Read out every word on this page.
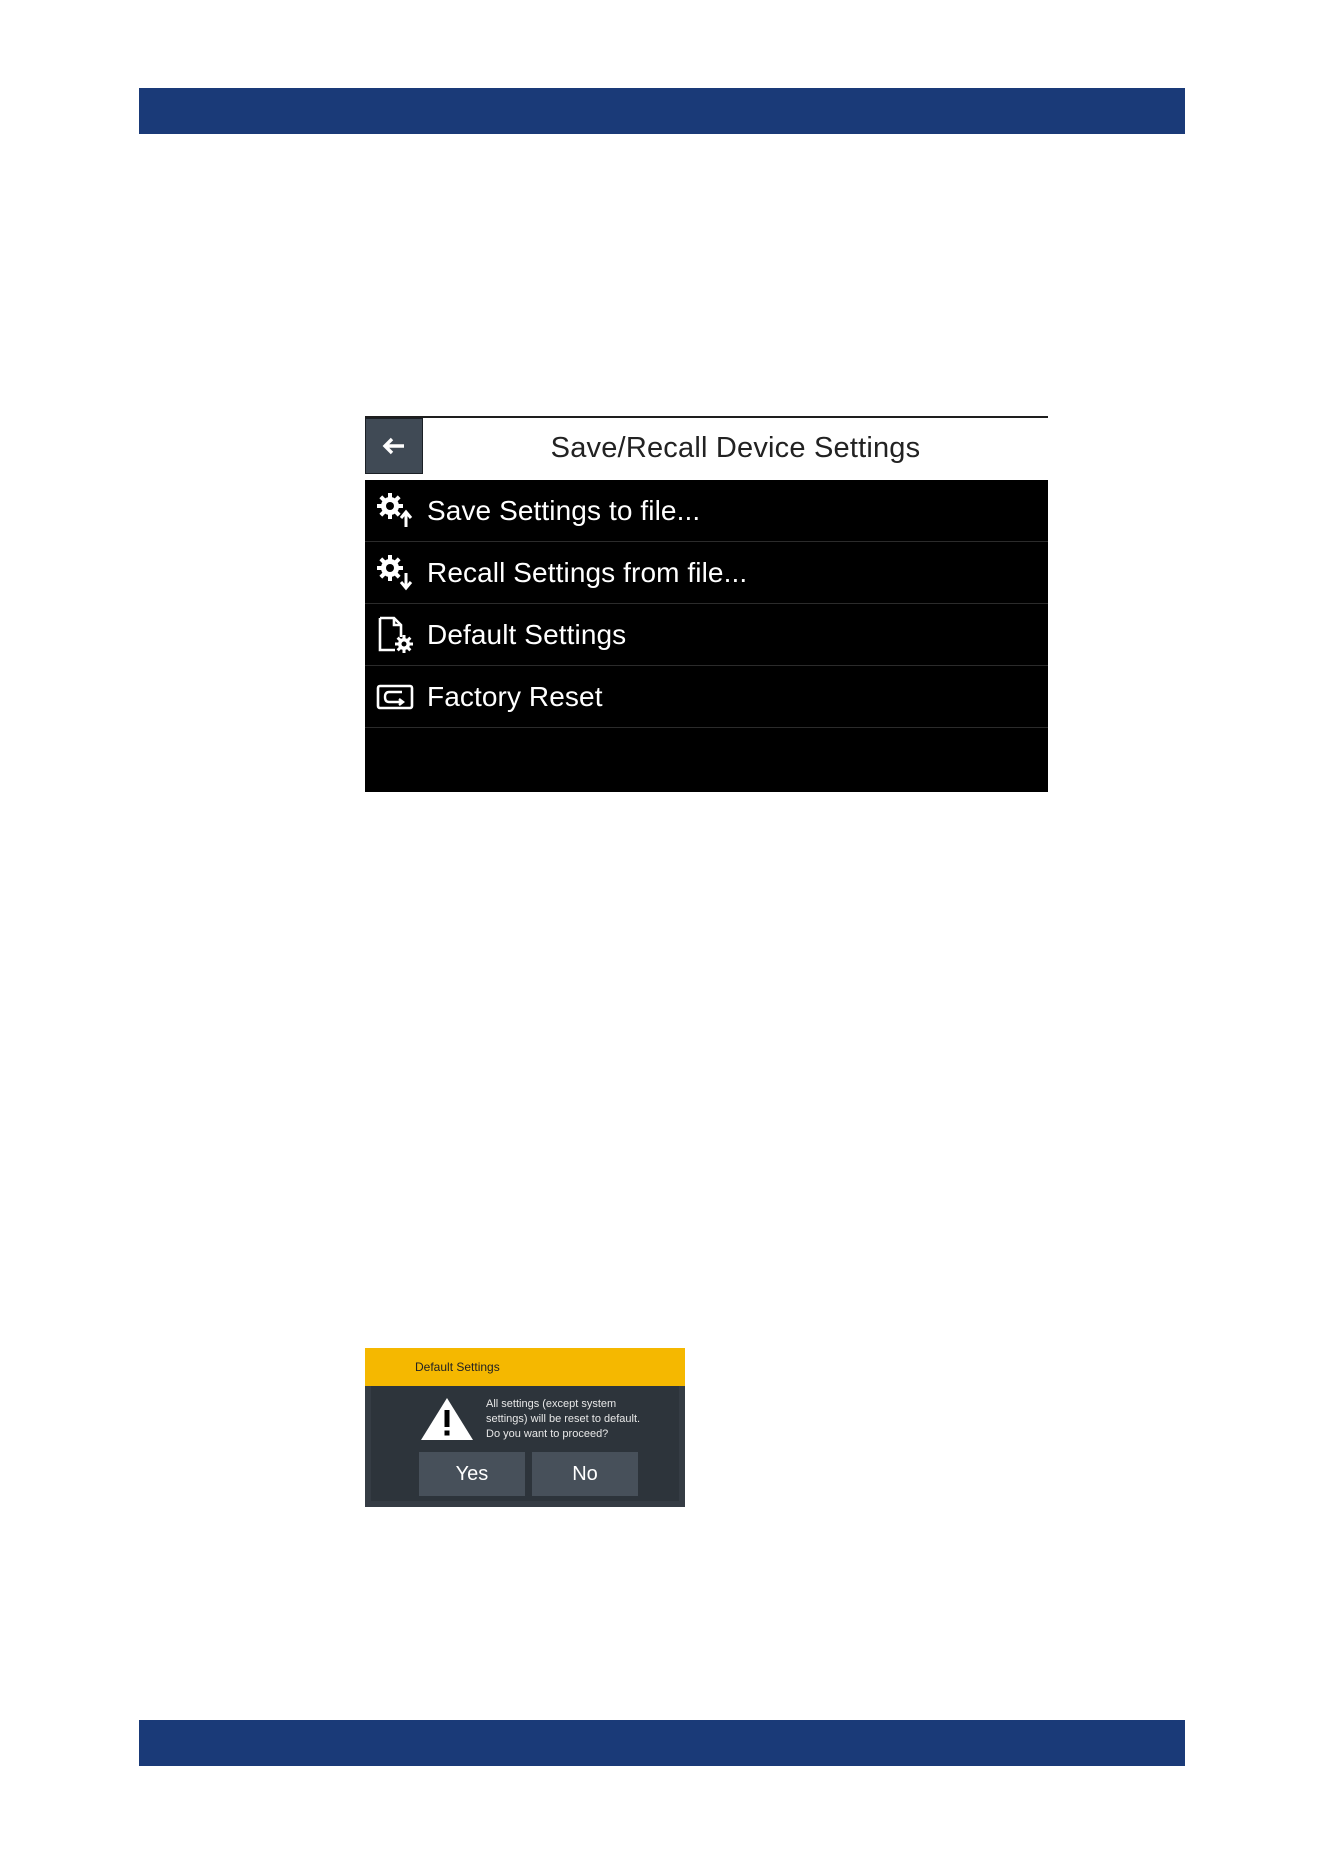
Save/Recall Device Settings
Save Settings to file...
Recall Settings from file...
Default Settings
Factory Reset
Default Settings
All settings (except system
settings) will be reset to default.
Do you want to proceed?
Yes	No
